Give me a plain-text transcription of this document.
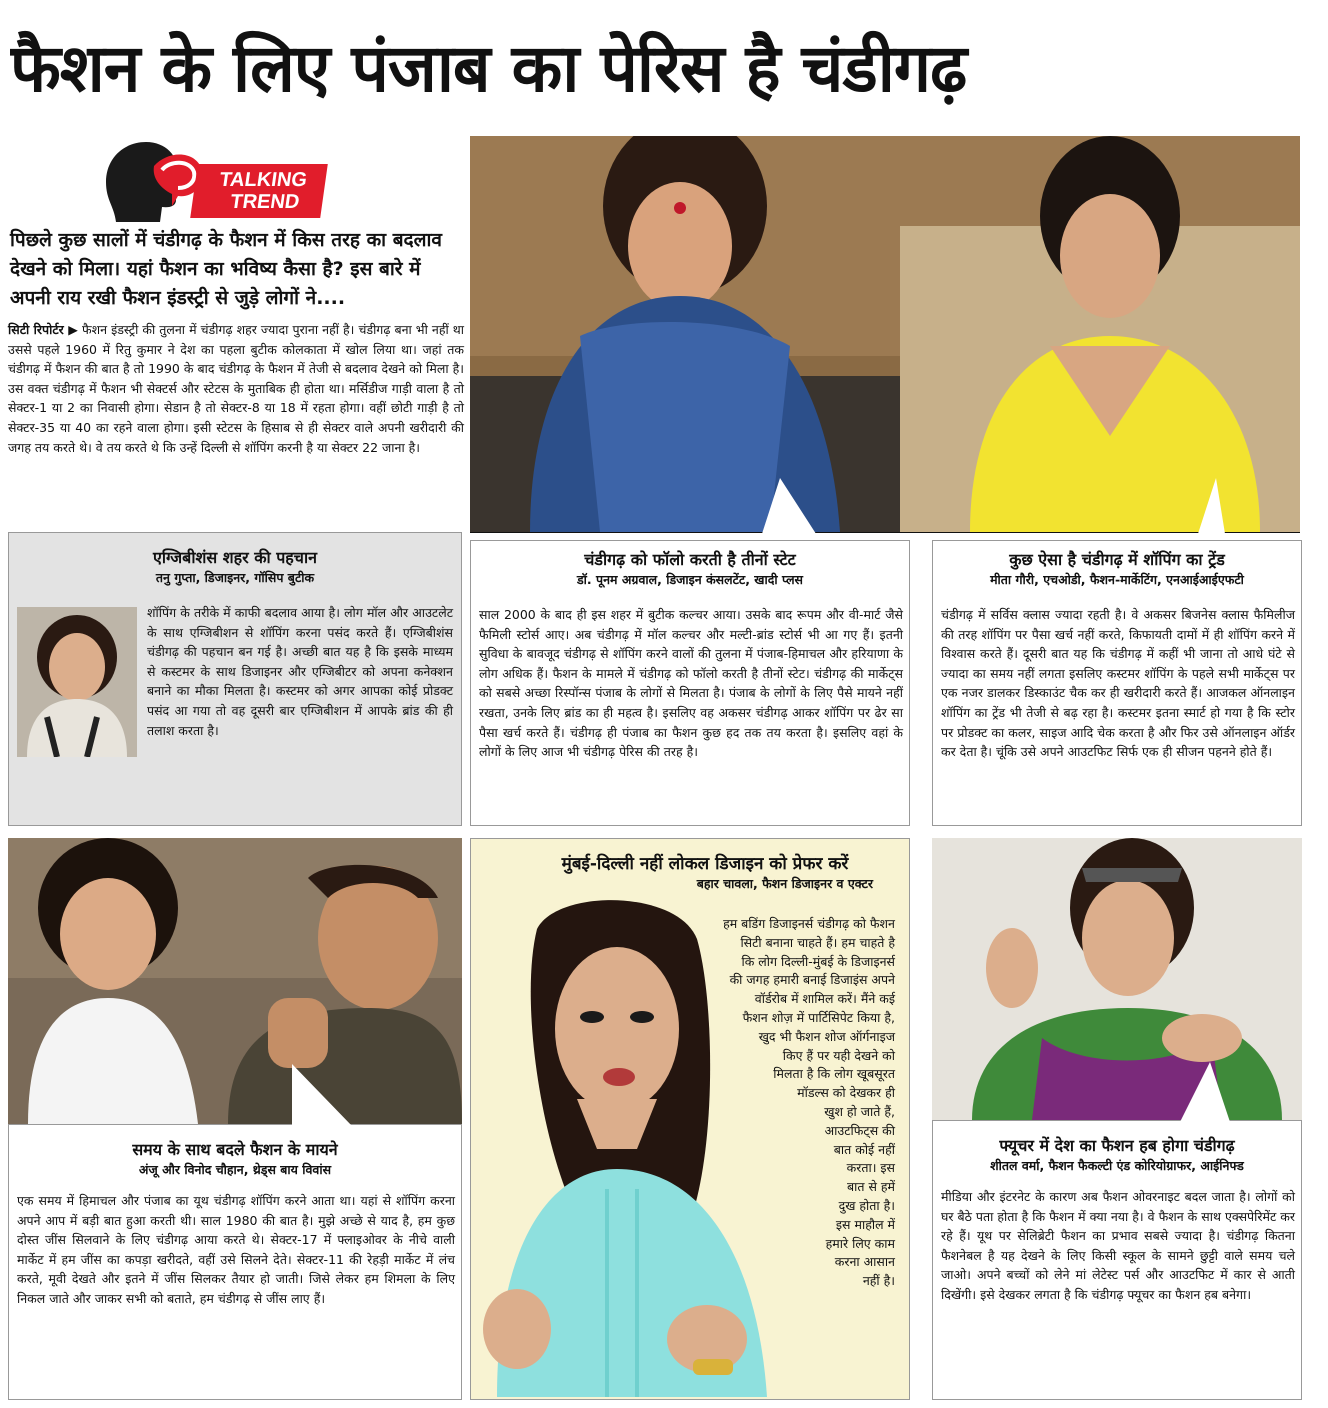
फैशन के लिए पंजाब का पेरिस है चंडीगढ़
TALKING
TREND
पिछले कुछ सालों में चंडीगढ़ के फैशन में किस तरह का बदलाव देखने को मिला। यहां फैशन का भविष्य कैसा है? इस बारे में अपनी राय रखी फैशन इंडस्ट्री से जुड़े लोगों ने....
सिटी रिपोर्टर ▶ फैशन इंडस्ट्री की तुलना में चंडीगढ़ शहर ज्यादा पुराना नहीं है। चंडीगढ़ बना भी नहीं था उससे पहले 1960 में रितु कुमार ने देश का पहला बुटीक कोलकाता में खोल लिया था। जहां तक चंडीगढ़ में फैशन की बात है तो 1990 के बाद चंडीगढ़ के फैशन में तेजी से बदलाव देखने को मिला है। उस वक्त चंडीगढ़ में फैशन भी सेक्टर्स और स्टेटस के मुताबिक ही होता था। मर्सिडीज गाड़ी वाला है तो सेक्टर-1 या 2 का निवासी होगा। सेडान है तो सेक्टर-8 या 18 में रहता होगा। वहीं छोटी गाड़ी है तो सेक्टर-35 या 40 का रहने वाला होगा। इसी स्टेटस के हिसाब से ही सेक्टर वाले अपनी खरीदारी की जगह तय करते थे। वे तय करते थे कि उन्हें दिल्ली से शॉपिंग करनी है या सेक्टर 22 जाना है।
एग्जिबीशंस शहर की पहचान
तनु गुप्ता, डिजाइनर, गॉसिप बुटीक
शॉपिंग के तरीके में काफी बदलाव आया है। लोग मॉल और आउटलेट के साथ एग्जिबीशन से शॉपिंग करना पसंद करते हैं। एग्जिबीशंस चंडीगढ़ की पहचान बन गई है। अच्छी बात यह है कि इसके माध्यम से कस्टमर के साथ डिजाइनर और एग्जिबीटर को अपना कनेक्शन बनाने का मौका मिलता है। कस्टमर को अगर आपका कोई प्रोडक्ट पसंद आ गया तो वह दूसरी बार एग्जिबीशन में आपके ब्रांड की ही तलाश करता है।
चंडीगढ़ को फॉलो करती है तीनों स्टेट
डॉ. पूनम अग्रवाल, डिजाइन कंसलटेंट, खादी प्लस
साल 2000 के बाद ही इस शहर में बुटीक कल्चर आया। उसके बाद रूपम और वी-मार्ट जैसे फैमिली स्टोर्स आए। अब चंडीगढ़ में मॉल कल्चर और मल्टी-ब्रांड स्टोर्स भी आ गए हैं। इतनी सुविधा के बावजूद चंडीगढ़ से शॉपिंग करने वालों की तुलना में पंजाब-हिमाचल और हरियाणा के लोग अधिक हैं। फैशन के मामले में चंडीगढ़ को फॉलो करती है तीनों स्टेट। चंडीगढ़ की मार्केट्स को सबसे अच्छा रिस्पॉन्स पंजाब के लोगों से मिलता है। पंजाब के लोगों के लिए पैसे मायने नहीं रखता, उनके लिए ब्रांड का ही महत्व है। इसलिए वह अकसर चंडीगढ़ आकर शॉपिंग पर ढेर सा पैसा खर्च करते हैं। चंडीगढ़ ही पंजाब का फैशन कुछ हद तक तय करता है। इसलिए वहां के लोगों के लिए आज भी चंडीगढ़ पेरिस की तरह है।
कुछ ऐसा है चंडीगढ़ में शॉपिंग का ट्रेंड
मीता गौरी, एचओडी, फैशन-मार्केटिंग, एनआईआईएफटी
चंडीगढ़ में सर्विस क्लास ज्यादा रहती है। वे अकसर बिजनेस क्लास फैमिलीज की तरह शॉपिंग पर पैसा खर्च नहीं करते, किफायती दामों में ही शॉपिंग करने में विश्वास करते हैं। दूसरी बात यह कि चंडीगढ़ में कहीं भी जाना तो आधे घंटे से ज्यादा का समय नहीं लगता इसलिए कस्टमर शॉपिंग के पहले सभी मार्केट्स पर एक नजर डालकर डिस्काउंट चैक कर ही खरीदारी करते हैं। आजकल ऑनलाइन शॉपिंग का ट्रेंड भी तेजी से बढ़ रहा है। कस्टमर इतना स्मार्ट हो गया है कि स्टोर पर प्रोडक्ट का कलर, साइज आदि चेक करता है और फिर उसे ऑनलाइन ऑर्डर कर देता है। चूंकि उसे अपने आउटफिट सिर्फ एक ही सीजन पहनने होते हैं।
समय के साथ बदले फैशन के मायने
अंजू और विनोद चौहान, थ्रेड्स बाय विवांस
एक समय में हिमाचल और पंजाब का यूथ चंडीगढ़ शॉपिंग करने आता था। यहां से शॉपिंग करना अपने आप में बड़ी बात हुआ करती थी। साल 1980 की बात है। मुझे अच्छे से याद है, हम कुछ दोस्त जींस सिलवाने के लिए चंडीगढ़ आया करते थे। सेक्टर-17 में फ्लाइओवर के नीचे वाली मार्केट में हम जींस का कपड़ा खरीदते, वहीं उसे सिलने देते। सेक्टर-11 की रेहड़ी मार्केट में लंच करते, मूवी देखते और इतने में जींस सिलकर तैयार हो जाती। जिसे लेकर हम शिमला के लिए निकल जाते और जाकर सभी को बताते, हम चंडीगढ़ से जींस लाए हैं।
मुंबई-दिल्ली नहीं लोकल डिजाइन को प्रेफर करें
बहार चावला, फैशन डिजाइनर व एक्टर
हम बडिंग डिजाइनर्स चंडीगढ़ को फैशन
सिटी बनाना चाहते हैं। हम चाहते है
कि लोग दिल्ली-मुंबई के डिजाइनर्स
की जगह हमारी बनाई डिजाइंस अपने
वॉर्डरोब में शामिल करें। मैंने कई
फैशन शोज़ में पार्टिसिपेट किया है,
खुद भी फैशन शोज ऑर्गनाइज
किए हैं पर यही देखने को
मिलता है कि लोग खूबसूरत
मॉडल्स को देखकर ही
खुश हो जाते हैं,
आउटफिट्स की
बात कोई नहीं
करता। इस
बात से हमें
दुख होता है।
इस माहौल में
हमारे लिए काम
करना आसान
नहीं है।
फ्यूचर में देश का फैशन हब होगा चंडीगढ़
शीतल वर्मा, फैशन फैकल्टी एंड कोरियोग्राफर, आईनिफ्ड
मीडिया और इंटरनेट के कारण अब फैशन ओवरनाइट बदल जाता है। लोगों को घर बैठे पता होता है कि फैशन में क्या नया है। वे फैशन के साथ एक्सपेरिमेंट कर रहे हैं। यूथ पर सेलिब्रेटी फैशन का प्रभाव सबसे ज्यादा है। चंडीगढ़ कितना फैशनेबल है यह देखने के लिए किसी स्कूल के सामने छुट्टी वाले समय चले जाओ। अपने बच्चों को लेने मां लेटेस्ट पर्स और आउटफिट में कार से आती दिखेंगी। इसे देखकर लगता है कि चंडीगढ़ फ्यूचर का फैशन हब बनेगा।
